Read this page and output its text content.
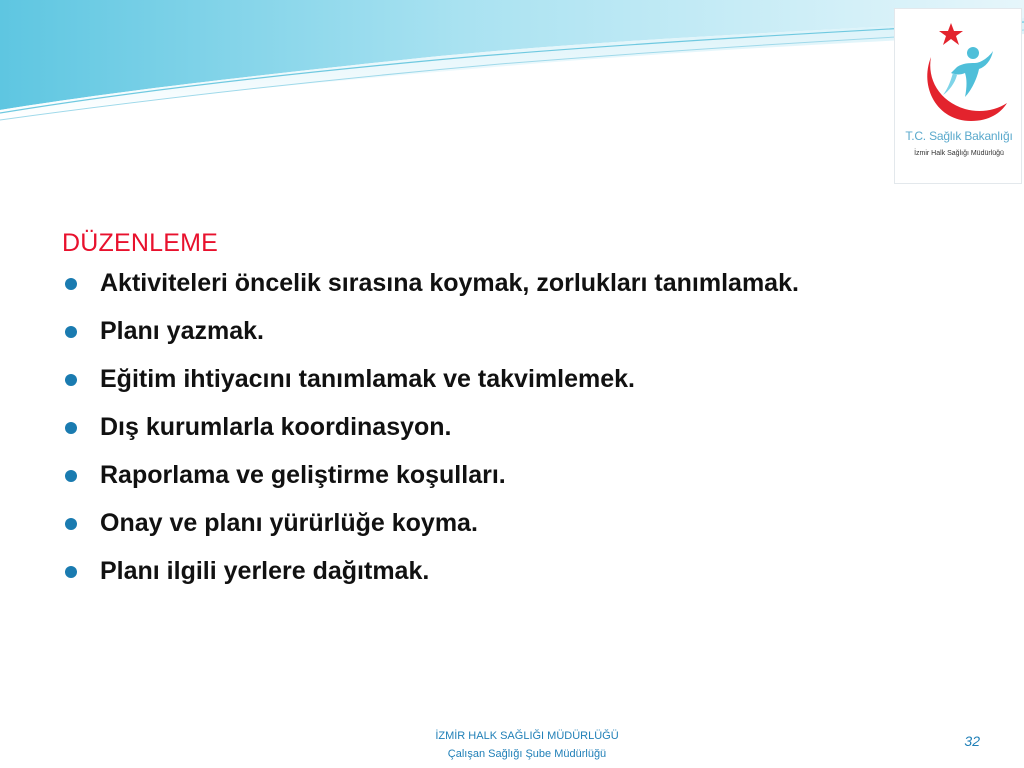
T.C. Sağlık Bakanlığı
İzmir Halk Sağlığı Müdürlüğü
DÜZENLEME
Aktiviteleri öncelik sırasına koymak, zorlukları tanımlamak.
Planı yazmak.
Eğitim ihtiyacını tanımlamak ve takvimlemek.
Dış kurumlarla koordinasyon.
Raporlama ve geliştirme koşulları.
Onay ve planı yürürlüğe koyma.
Planı ilgili yerlere dağıtmak.
İZMİR HALK SAĞLIĞI MÜDÜRLÜĞÜ
Çalışan Sağlığı Şube Müdürlüğü
32
